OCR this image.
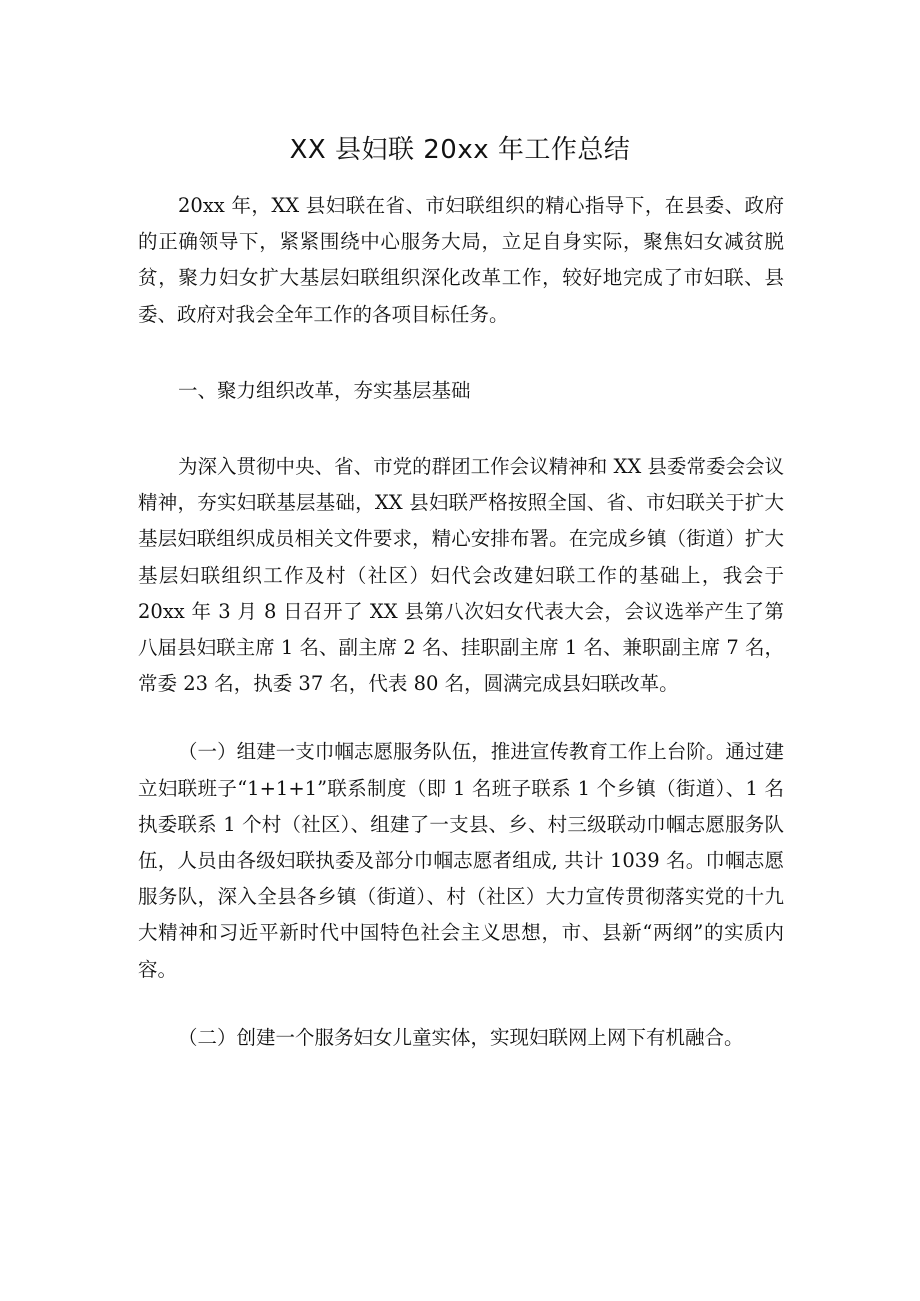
XX 县妇联 20xx 年工作总结

20xx 年，XX 县妇联在省、市妇联组织的精心指导下，在县委、政府的正确领导下，紧紧围绕中心服务大局，立足自身实际，聚焦妇女减贫脱贫，聚力妇女扩大基层妇联组织深化改革工作，较好地完成了市妇联、县委、政府对我会全年工作的各项目标任务。

一、聚力组织改革，夯实基层基础

为深入贯彻中央、省、市党的群团工作会议精神和 XX 县委常委会会议精神，夯实妇联基层基础，XX 县妇联严格按照全国、省、市妇联关于扩大基层妇联组织成员相关文件要求，精心安排布署。在完成乡镇（街道）扩大基层妇联组织工作及村（社区）妇代会改建妇联工作的基础上，我会于 20xx 年 3 月 8 日召开了 XX 县第八次妇女代表大会，会议选举产生了第八届县妇联主席 1 名、副主席 2 名、挂职副主席 1 名、兼职副主席 7 名，常委 23 名，执委 37 名，代表 80 名，圆满完成县妇联改革。

（一）组建一支巾帼志愿服务队伍，推进宣传教育工作上台阶。通过建立妇联班子“1+1+1”联系制度（即 1 名班子联系 1 个乡镇（街道）、1 名执委联系 1 个村（社区）、组建了一支县、乡、村三级联动巾帼志愿服务队伍，人员由各级妇联执委及部分巾帼志愿者组成, 共计 1039 名。巾帼志愿服务队，深入全县各乡镇（街道）、村（社区）大力宣传贯彻落实党的十九大精神和习近平新时代中国特色社会主义思想，市、县新“两纲”的实质内容。

（二）创建一个服务妇女儿童实体，实现妇联网上网下有机融合。
